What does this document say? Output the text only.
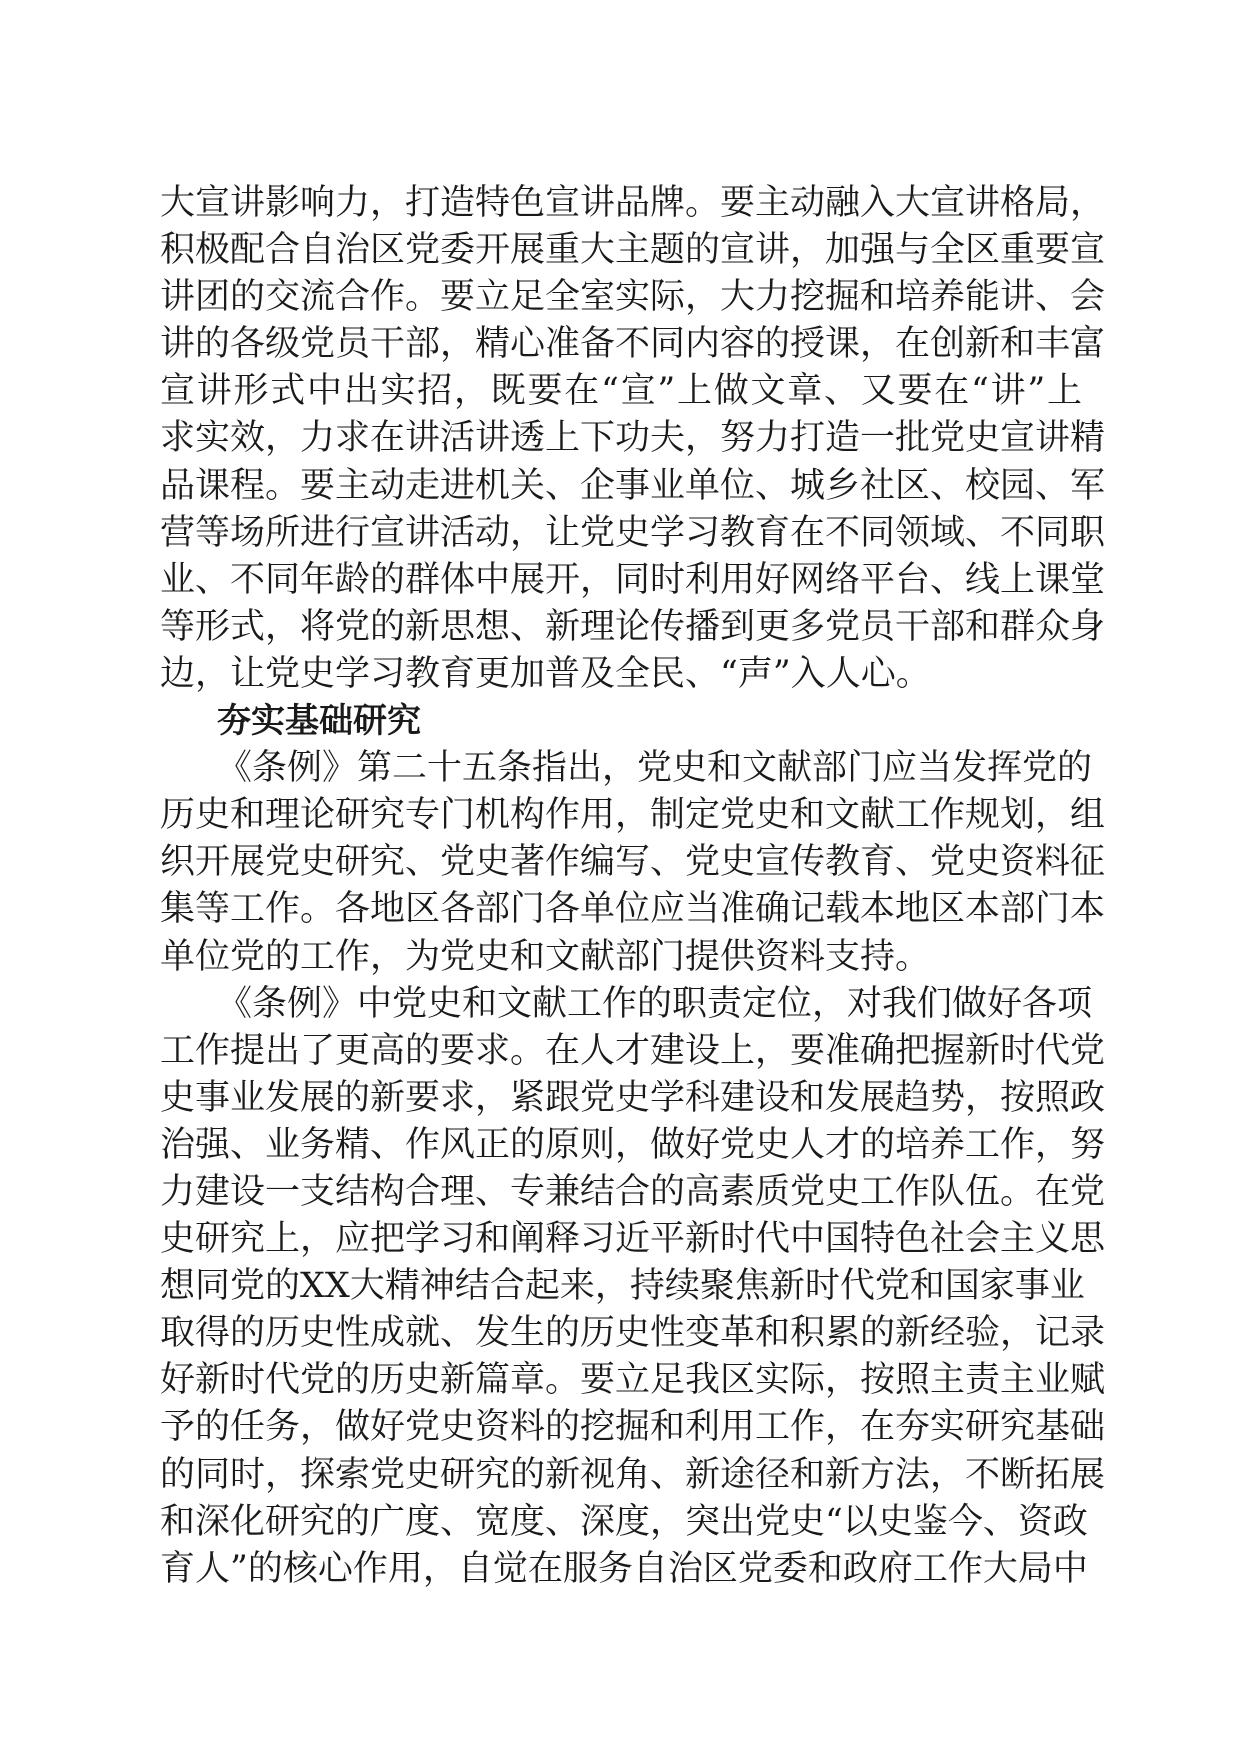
大宣讲影响力，打造特色宣讲品牌。要主动融入大宣讲格局，
积极配合自治区党委开展重大主题的宣讲，加强与全区重要宣
讲团的交流合作。要立足全室实际，大力挖掘和培养能讲、会
讲的各级党员干部，精心准备不同内容的授课，在创新和丰富
宣讲形式中出实招，既要在“宣”上做文章、又要在“讲”上
求实效，力求在讲活讲透上下功夫，努力打造一批党史宣讲精
品课程。要主动走进机关、企事业单位、城乡社区、校园、军
营等场所进行宣讲活动，让党史学习教育在不同领域、不同职
业、不同年龄的群体中展开，同时利用好网络平台、线上课堂
等形式，将党的新思想、新理论传播到更多党员干部和群众身
边，让党史学习教育更加普及全民、“声”入人心。
夯实基础研究
《条例》第二十五条指出，党史和文献部门应当发挥党的
历史和理论研究专门机构作用，制定党史和文献工作规划，组
织开展党史研究、党史著作编写、党史宣传教育、党史资料征
集等工作。各地区各部门各单位应当准确记载本地区本部门本
单位党的工作，为党史和文献部门提供资料支持。
《条例》中党史和文献工作的职责定位，对我们做好各项
工作提出了更高的要求。在人才建设上，要准确把握新时代党
史事业发展的新要求，紧跟党史学科建设和发展趋势，按照政
治强、业务精、作风正的原则，做好党史人才的培养工作，努
力建设一支结构合理、专兼结合的高素质党史工作队伍。在党
史研究上，应把学习和阐释习近平新时代中国特色社会主义思
想同党的XX大精神结合起来，持续聚焦新时代党和国家事业
取得的历史性成就、发生的历史性变革和积累的新经验，记录
好新时代党的历史新篇章。要立足我区实际，按照主责主业赋
予的任务，做好党史资料的挖掘和利用工作，在夯实研究基础
的同时，探索党史研究的新视角、新途径和新方法，不断拓展
和深化研究的广度、宽度、深度，突出党史“以史鉴今、资政
育人”的核心作用，自觉在服务自治区党委和政府工作大局中
